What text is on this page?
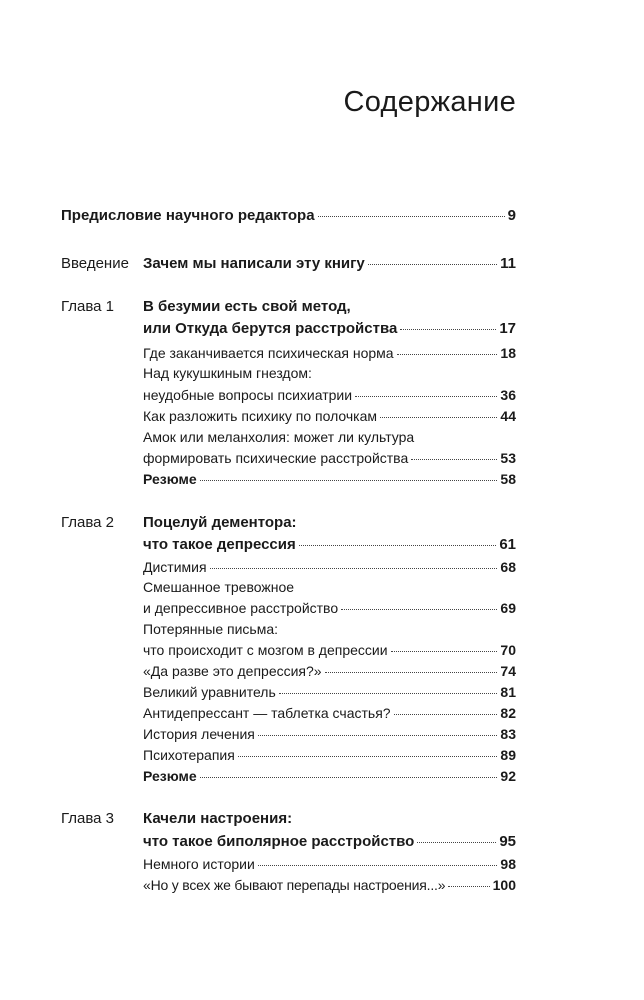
Содержание
Предисловие научного редактора	9
Введение Зачем мы написали эту книгу	11
Глава 1 В безумии есть свой метод,
или Откуда берутся расстройства	17
Где заканчивается психическая норма	18
Над кукушкиным гнездом:
неудобные вопросы психиатрии	36
Как разложить психику по полочкам	44
Амок или меланхолия: может ли культура
формировать психические расстройства	53
Резюме	58
Глава 2 Поцелуй дементора:
что такое депрессия	61
Дистимия	68
Смешанное тревожное
и депрессивное расстройство	69
Потерянные письма:
что происходит с мозгом в депрессии	70
«Да разве это депрессия?»	74
Великий уравнитель	81
Антидепрессант — таблетка счастья?	82
История лечения	83
Психотерапия	89
Резюме	92
Глава 3 Качели настроения:
что такое биполярное расстройство	95
Немного истории	98
«Но у всех же бывают перепады настроения...»	100
